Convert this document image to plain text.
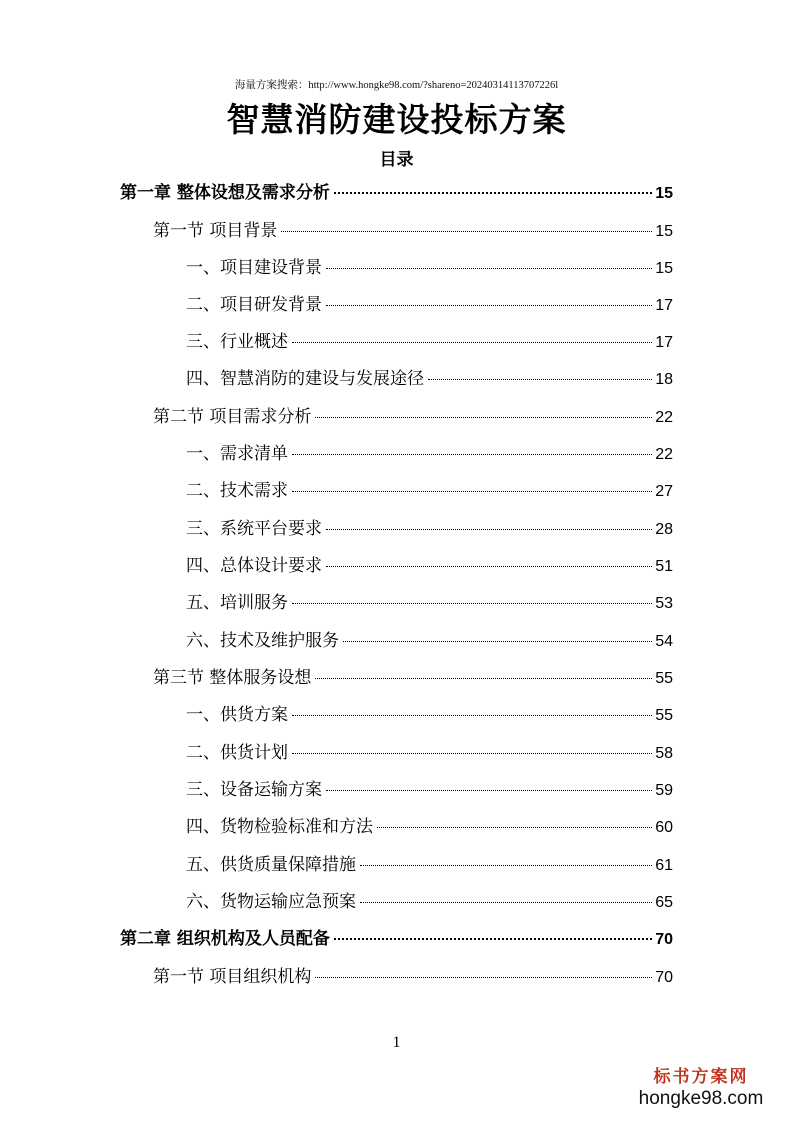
海量方案搜索：http://www.hongke98.com/?shareno=20240314113707226l
智慧消防建设投标方案
目录
第一章 整体设想及需求分析	15
第一节 项目背景	15
一、项目建设背景	15
二、项目研发背景	17
三、行业概述	17
四、智慧消防的建设与发展途径	18
第二节 项目需求分析	22
一、需求清单	22
二、技术需求	27
三、系统平台要求	28
四、总体设计要求	51
五、培训服务	53
六、技术及维护服务	54
第三节 整体服务设想	55
一、供货方案	55
二、供货计划	58
三、设备运输方案	59
四、货物检验标准和方法	60
五、供货质量保障措施	61
六、货物运输应急预案	65
第二章 组织机构及人员配备	70
第一节 项目组织机构	70
1
标书方案网
hongke98.com
